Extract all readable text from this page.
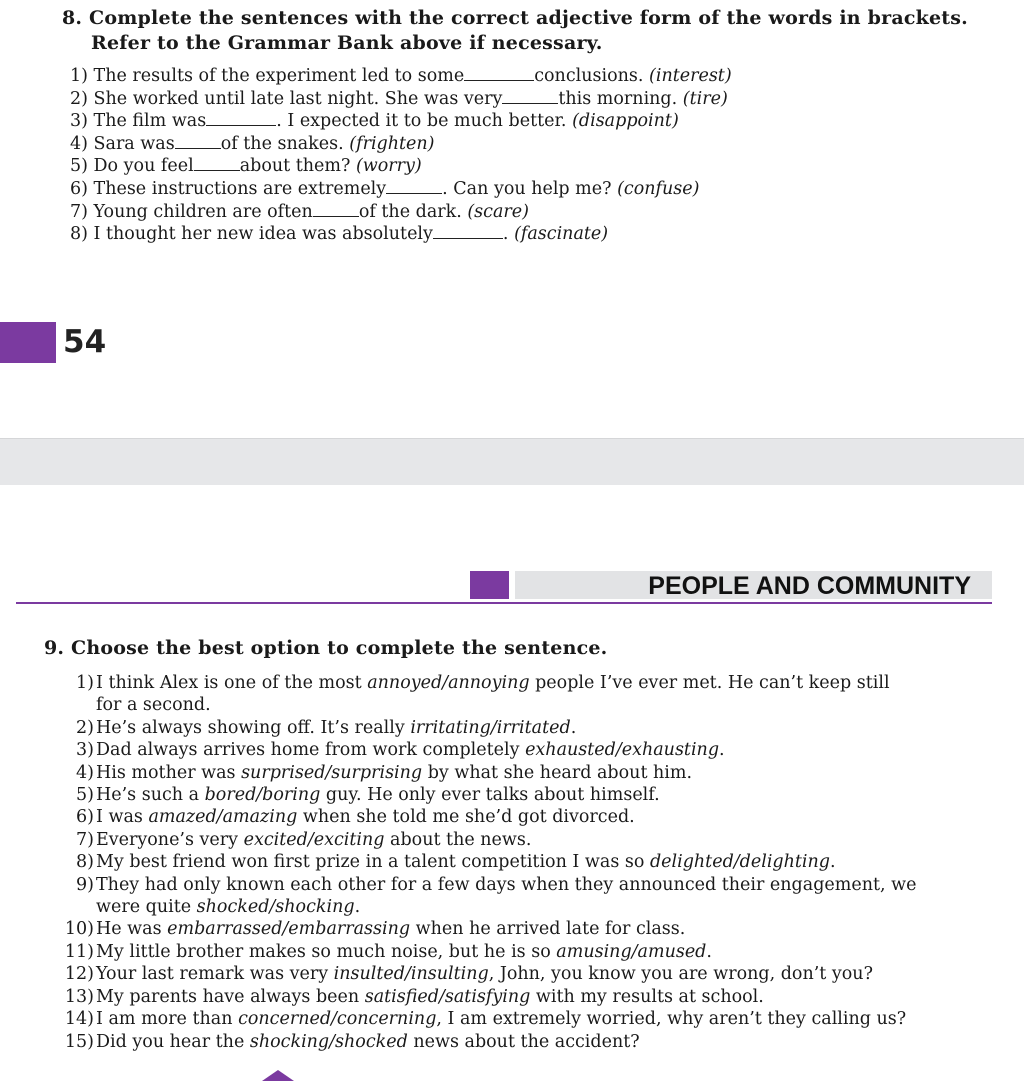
8. Complete the sentences with the correct adjective form of the words in brackets.
Refer to the Grammar Bank above if necessary.
1) The results of the experiment led to some	conclusions. (interest)
2) She worked until late last night. She was very	this morning. (tire)
3) The film was	. I expected it to be much better. (disappoint)
4) Sara was	of the snakes. (frighten)
5) Do you feel	about them? (worry)
6) These instructions are extremely	. Can you help me? (confuse)
7) Young children are often	of the dark. (scare)
8) I thought her new idea was absolutely	. (fascinate)
54
PEOPLE AND COMMUNITY
9. Choose the best option to complete the sentence.
1) I think Alex is one of the most annoyed/annoying people I’ve ever met. He can’t keep still
for a second.
2) He’s always showing off. It’s really irritating/irritated.
3) Dad always arrives home from work completely exhausted/exhausting.
4) His mother was surprised/surprising by what she heard about him.
5) He’s such a bored/boring guy. He only ever talks about himself.
6) I was amazed/amazing when she told me she’d got divorced.
7) Everyone’s very excited/exciting about the news.
8) My best friend won first prize in a talent competition I was so delighted/delighting.
9) They had only known each other for a few days when they announced their engagement, we
were quite shocked/shocking.
10) He was embarrassed/embarrassing when he arrived late for class.
11) My little brother makes so much noise, but he is so amusing/amused.
12) Your last remark was very insulted/insulting, John, you know you are wrong, don’t you?
13) My parents have always been satisfied/satisfying with my results at school.
14) I am more than concerned/concerning, I am extremely worried, why aren’t they calling us?
15) Did you hear the shocking/shocked news about the accident?
